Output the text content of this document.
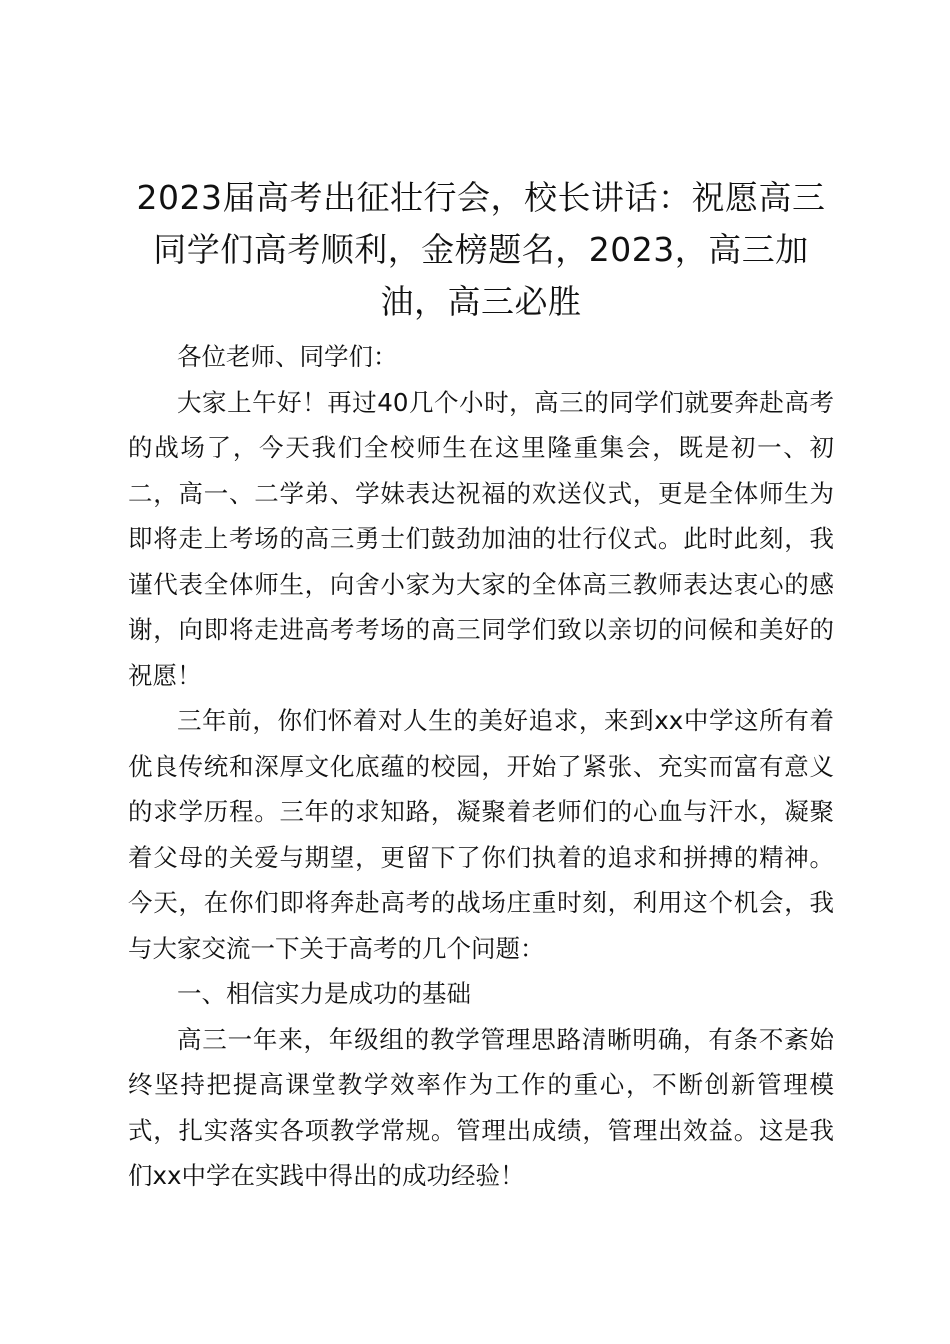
2023届高考出征壮行会，校长讲话：祝愿高三同学们高考顺利，金榜题名，2023，高三加油，高三必胜

各位老师、同学们：

大家上午好！再过40几个小时，高三的同学们就要奔赴高考的战场了，今天我们全校师生在这里隆重集会，既是初一、初二，高一、二学弟、学妹表达祝福的欢送仪式，更是全体师生为即将走上考场的高三勇士们鼓劲加油的壮行仪式。此时此刻，我谨代表全体师生，向舍小家为大家的全体高三教师表达衷心的感谢，向即将走进高考考场的高三同学们致以亲切的问候和美好的祝愿！

三年前，你们怀着对人生的美好追求，来到xx中学这所有着优良传统和深厚文化底蕴的校园，开始了紧张、充实而富有意义的求学历程。三年的求知路，凝聚着老师们的心血与汗水，凝聚着父母的关爱与期望，更留下了你们执着的追求和拼搏的精神。今天，在你们即将奔赴高考的战场庄重时刻，利用这个机会，我与大家交流一下关于高考的几个问题：

一、相信实力是成功的基础

高三一年来，年级组的教学管理思路清晰明确，有条不紊始终坚持把提高课堂教学效率作为工作的重心，不断创新管理模式，扎实落实各项教学常规。管理出成绩，管理出效益。这是我们xx中学在实践中得出的成功经验！
